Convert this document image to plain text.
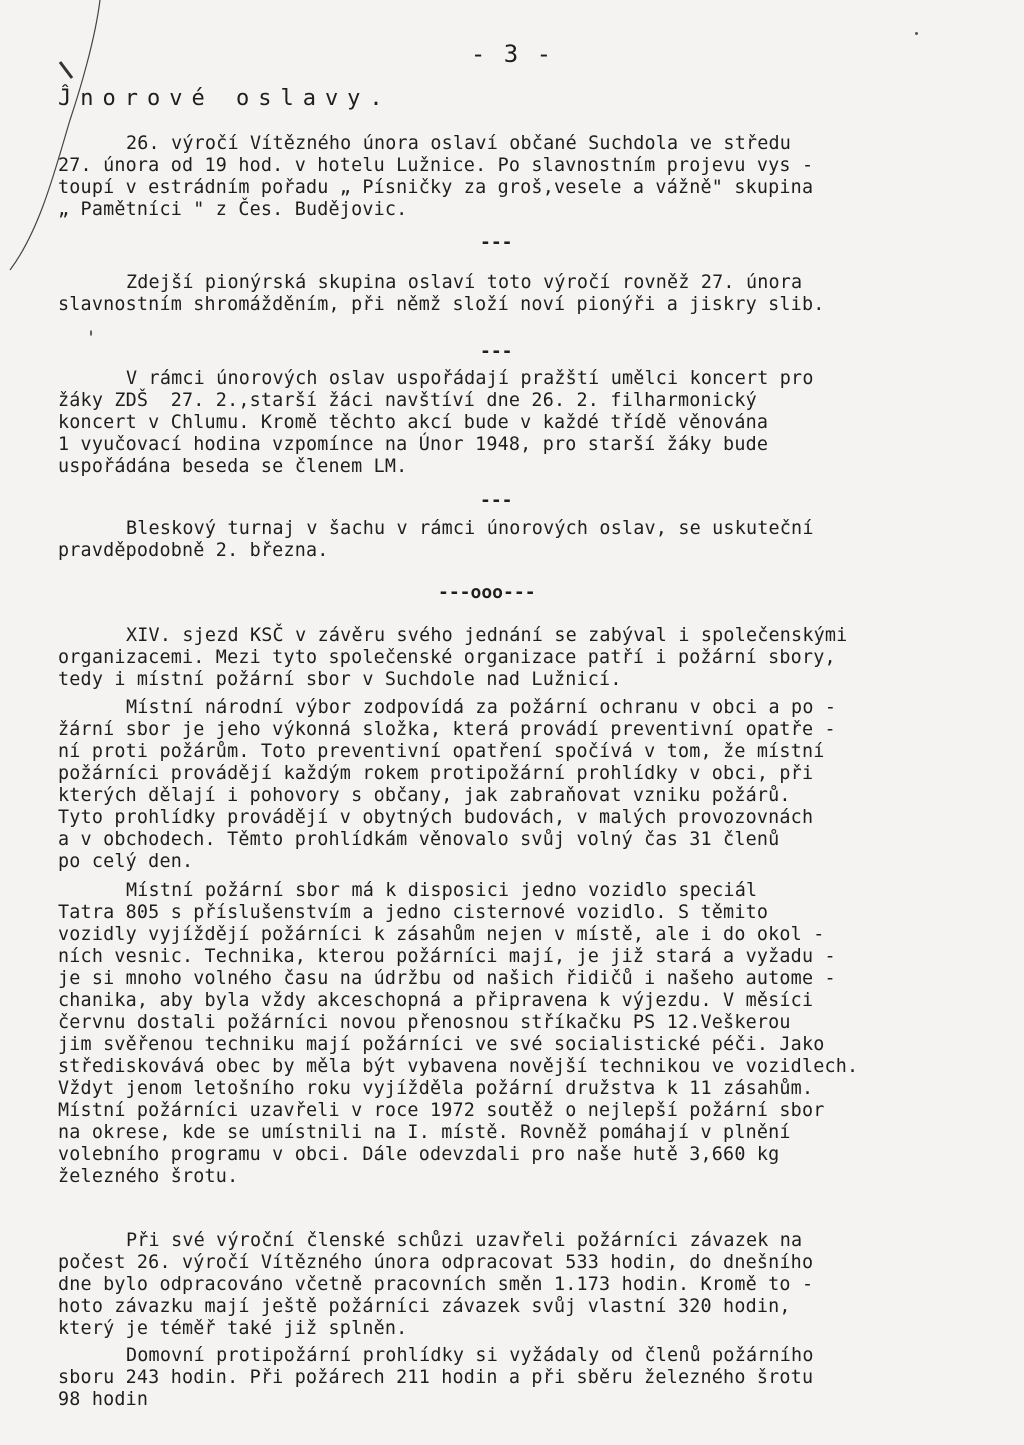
- 3 -
Ĵnorové oslavy.
26. výročí Vítězného února oslaví občané Suchdola ve středu
27. února od 19 hod. v hotelu Lužnice. Po slavnostním projevu vys -
toupí v estrádním pořadu „ Písničky za groš,vesele a vážně" skupina
„ Pamětníci " z Čes. Budějovic.
Zdejší pionýrská skupina oslaví toto výročí rovněž 27. února
slavnostním shromážděním, při němž složí noví pionýři a jiskry slib.
V rámci únorových oslav uspořádají pražští umělci koncert pro
žáky ZDŠ  27. 2.,starší žáci navštíví dne 26. 2. filharmonický
koncert v Chlumu. Kromě těchto akcí bude v každé třídě věnována
1 vyučovací hodina vzpomínce na Únor 1948, pro starší žáky bude
uspořádána beseda se členem LM.
Bleskový turnaj v šachu v rámci únorových oslav, se uskuteční
pravděpodobně 2. března.
XIV. sjezd KSČ v závěru svého jednání se zabýval i společenskými
organizacemi. Mezi tyto společenské organizace patří i požární sbory,
tedy i místní požární sbor v Suchdole nad Lužnicí.
Místní národní výbor zodpovídá za požární ochranu v obci a po -
žární sbor je jeho výkonná složka, která provádí preventivní opatře -
ní proti požárům. Toto preventivní opatření spočívá v tom, že místní
požárníci provádějí každým rokem protipožární prohlídky v obci, při
kterých dělají i pohovory s občany, jak zabraňovat vzniku požárů.
Tyto prohlídky provádějí v obytných budovách, v malých provozovnách
a v obchodech. Těmto prohlídkám věnovalo svůj volný čas 31 členů
po celý den.
Místní požární sbor má k disposici jedno vozidlo speciál
Tatra 805 s příslušenstvím a jedno cisternové vozidlo. S těmito
vozidly vyjíždějí požárníci k zásahům nejen v místě, ale i do okol -
ních vesnic. Technika, kterou požárníci mají, je již stará a vyžadu -
je si mnoho volného času na údržbu od našich řidičů i našeho autome -
chanika, aby byla vždy akceschopná a připravena k výjezdu. V měsíci
červnu dostali požárníci novou přenosnou stříkačku PS 12.Veškerou
jim svěřenou techniku mají požárníci ve své socialistické péči. Jako
střediskovává obec by měla být vybavena novější technikou ve vozidlech.
Vždyt jenom letošního roku vyjížděla požární družstva k 11 zásahům.
Místní požárníci uzavřeli v roce 1972 soutěž o nejlepší požární sbor
na okrese, kde se umístnili na I. místě. Rovněž pomáhají v plnění
volebního programu v obci. Dále odevzdali pro naše hutě 3,660 kg
železného šrotu.
Při své výroční členské schůzi uzavřeli požárníci závazek na
počest 26. výročí Vítězného února odpracovat 533 hodin, do dnešního
dne bylo odpracováno včetně pracovních směn 1.173 hodin. Kromě to -
hoto závazku mají ještě požárníci závazek svůj vlastní 320 hodin,
který je téměř také již splněn.
Domovní protipožární prohlídky si vyžádaly od členů požárního
sboru 243 hodin. Při požárech 211 hodin a při sběru železného šrotu
98 hodin
---
---
---
---ooo---
